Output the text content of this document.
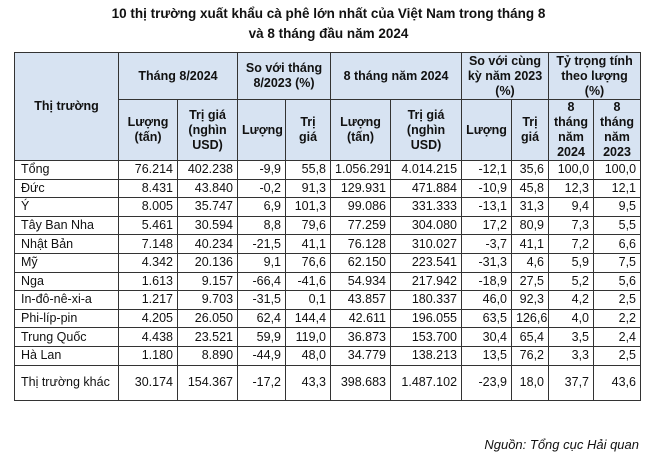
10 thị trường xuất khẩu cà phê lớn nhất của Việt Nam trong tháng 8
và 8 tháng đầu năm 2024
Thị trường	Tháng 8/2024		So với tháng 8/2023 (%)		8 tháng năm 2024		So với cùng kỳ năm 2023 (%)		Tỷ trọng tính theo lượng (%)	
	Lượng (tấn)	Trị giá (nghìn USD)	Lượng	Trị giá	Lượng (tấn)	Trị giá (nghìn USD)	Lượng	Trị giá	8 tháng năm 2024	8 tháng năm 2023
Tổng	76.214	402.238	-9,9	55,8	1.056.291	4.014.215	-12,1	35,6	100,0	100,0
Đức	8.431	43.840	-0,2	91,3	129.931	471.884	-10,9	45,8	12,3	12,1
Ý	8.005	35.747	6,9	101,3	99.086	331.333	-13,1	31,3	9,4	9,5
Tây Ban Nha	5.461	30.594	8,8	79,6	77.259	304.080	17,2	80,9	7,3	5,5
Nhật Bản	7.148	40.234	-21,5	41,1	76.128	310.027	-3,7	41,1	7,2	6,6
Mỹ	4.342	20.136	9,1	76,6	62.150	223.541	-31,3	4,6	5,9	7,5
Nga	1.613	9.157	-66,4	-41,6	54.934	217.942	-18,9	27,5	5,2	5,6
In-đô-nê-xi-a	1.217	9.703	-31,5	0,1	43.857	180.337	46,0	92,3	4,2	2,5
Phi-líp-pin	4.205	26.050	62,4	144,4	42.611	196.055	63,5	126,6	4,0	2,2
Trung Quốc	4.438	23.521	59,9	119,0	36.873	153.700	30,4	65,4	3,5	2,4
Hà Lan	1.180	8.890	-44,9	48,0	34.779	138.213	13,5	76,2	3,3	2,5
Thị trường khác	30.174	154.367	-17,2	43,3	398.683	1.487.102	-23,9	18,0	37,7	43,6
Nguồn: Tổng cục Hải quan
